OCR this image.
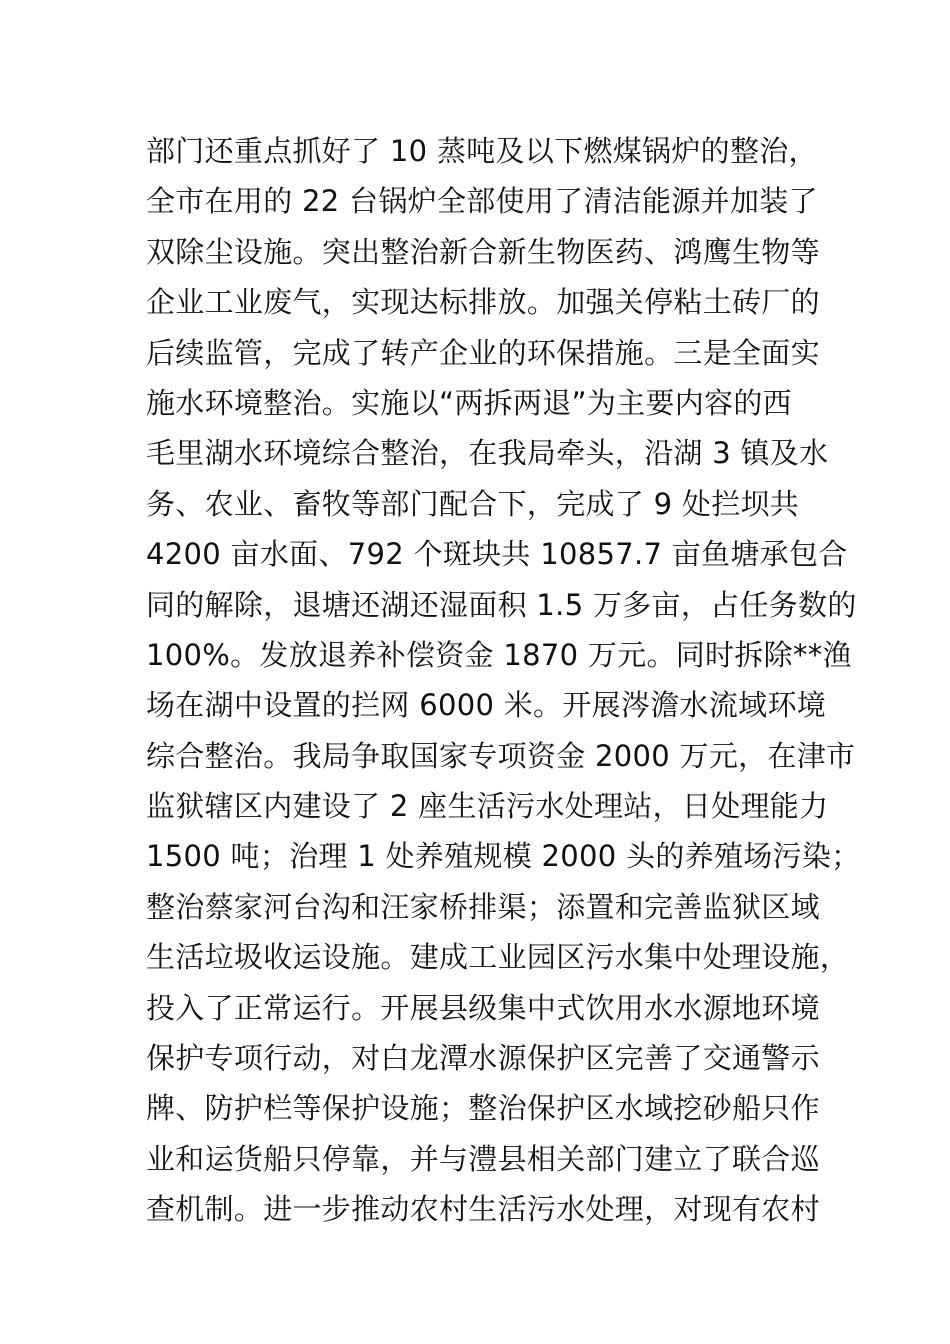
部门还重点抓好了 10 蒸吨及以下燃煤锅炉的整治，
全市在用的 22 台锅炉全部使用了清洁能源并加装了
双除尘设施。突出整治新合新生物医药、鸿鹰生物等
企业工业废气，实现达标排放。加强关停粘土砖厂的
后续监管，完成了转产企业的环保措施。三是全面实
施水环境整治。实施以“两拆两退”为主要内容的西
毛里湖水环境综合整治，在我局牵头，沿湖 3 镇及水
务、农业、畜牧等部门配合下，完成了 9 处拦坝共
4200 亩水面、792 个斑块共 10857.7 亩鱼塘承包合
同的解除，退塘还湖还湿面积 1.5 万多亩，占任务数的
100%。发放退养补偿资金 1870 万元。同时拆除**渔
场在湖中设置的拦网 6000 米。开展涔澹水流域环境
综合整治。我局争取国家专项资金 2000 万元，在津市
监狱辖区内建设了 2 座生活污水处理站，日处理能力
1500 吨；治理 1 处养殖规模 2000 头的养殖场污染；
整治蔡家河台沟和汪家桥排渠；添置和完善监狱区域
生活垃圾收运设施。建成工业园区污水集中处理设施，
投入了正常运行。开展县级集中式饮用水水源地环境
保护专项行动，对白龙潭水源保护区完善了交通警示
牌、防护栏等保护设施；整治保护区水域挖砂船只作
业和运货船只停靠，并与澧县相关部门建立了联合巡
查机制。进一步推动农村生活污水处理，对现有农村
